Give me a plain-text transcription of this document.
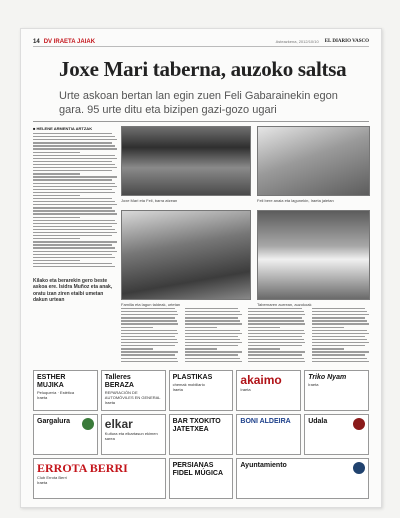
14 DV IRAETA JAIAK	Asteazkena, 2012/10/10 EL DIARIO VASCO
Joxe Mari taberna, auzoko saltsa
Urte askoan bertan lan egin zuen Feli Gabarainekin egon gara. 95 urte ditu eta bizipen gazi-gozo ugari
■ HELENE ARMENTIA ARTZAK
Kilako eta berarekin gero beste askoa ere. Isidra Muñoz eta anak, oratu izan ziren etaibi umetan dakun urtean
Joxe Mari eta Feli, barra atzean	Feli bere anaia eta lagunekin, Iraeta jaietan
Familia eta lagun taldeak, urtetan	Tabernaren aurrean, auzokoak
ESTHER MUJIKA
Peluquería · Estética
Iraeta
Talleres BERAZA
REPARACIÓN DE AUTOMÓVILES EN GENERAL
Iraeta
PLASTIKAS
chemak mobiliario
Iraeta
akaimo
Iraeta
Triko Nyam
Iraeta
Gargalura	elkar
Kultura eta elkartasun ekimen sarea
BAR TXOKITO JATETXEA
BONI ALDEIRA	Udala
ERROTA BERRI
Club Errota Berri
Iraeta
PERSIANAS FIDEL MÚGICA
Ayuntamiento
